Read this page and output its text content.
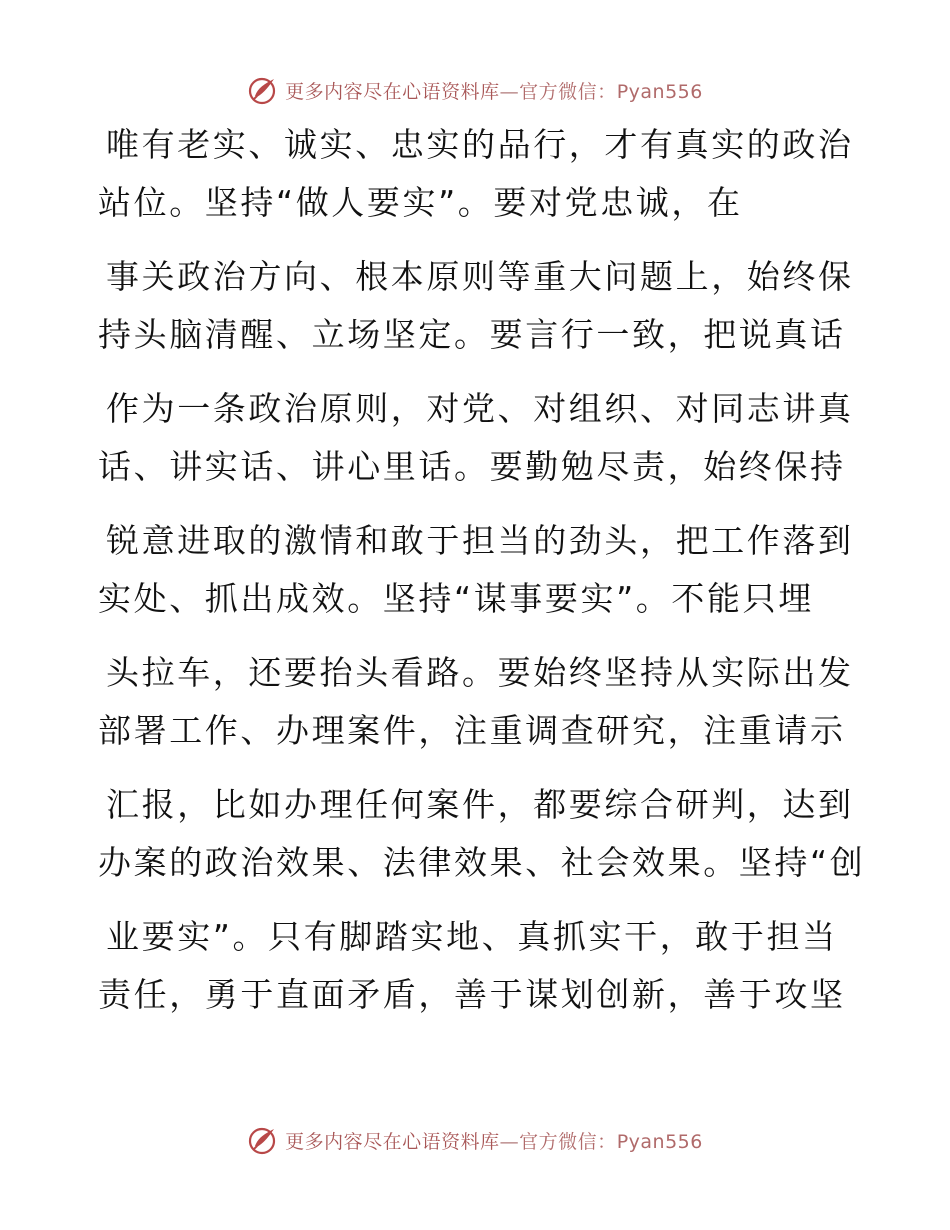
更多内容尽在心语资料库—官方微信：Pyan556
唯有老实、诚实、忠实的品行，才有真实的政治
站位。坚持“做人要实”。要对党忠诚，在
事关政治方向、根本原则等重大问题上，始终保
持头脑清醒、立场坚定。要言行一致，把说真话
作为一条政治原则，对党、对组织、对同志讲真
话、讲实话、讲心里话。要勤勉尽责，始终保持
锐意进取的激情和敢于担当的劲头，把工作落到
实处、抓出成效。坚持“谋事要实”。不能只埋
头拉车，还要抬头看路。要始终坚持从实际出发
部署工作、办理案件，注重调查研究，注重请示
汇报，比如办理任何案件，都要综合研判，达到
办案的政治效果、法律效果、社会效果。坚持“创
业要实”。只有脚踏实地、真抓实干，敢于担当
责任，勇于直面矛盾，善于谋划创新，善于攻坚
更多内容尽在心语资料库—官方微信：Pyan556
